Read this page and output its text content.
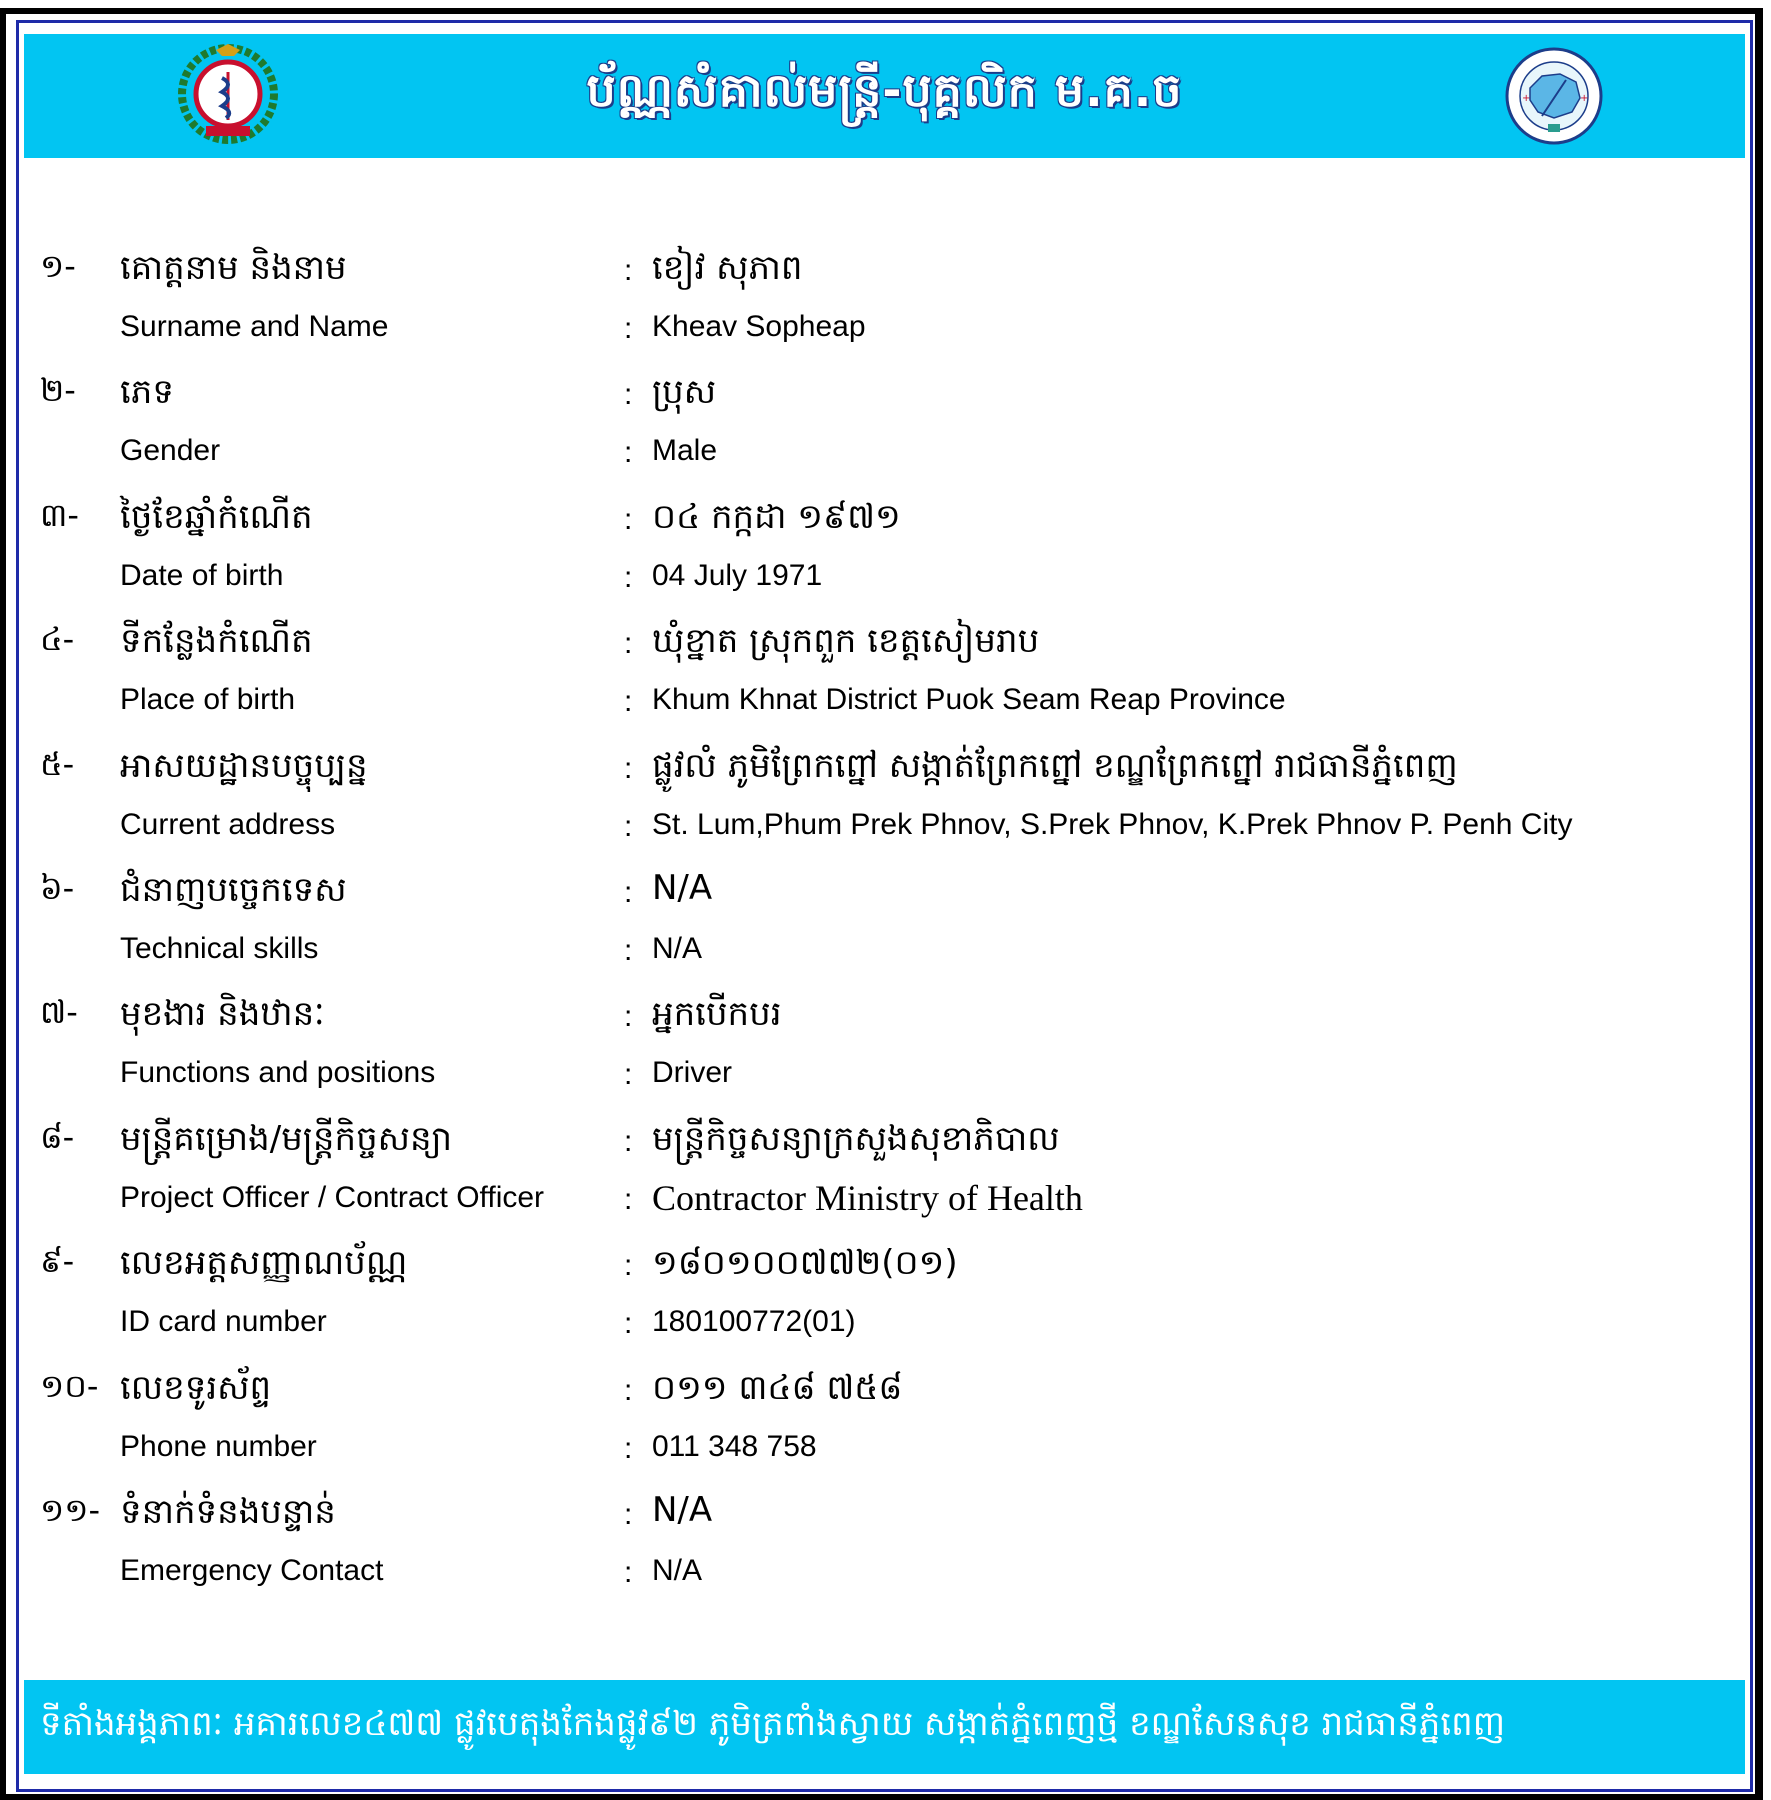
ប័ណ្ណសំគាល់មន្ត្រី-បុគ្គលិក ម.គ.ច	+	+
១- គោត្តនាម និងនាម	: ខៀវ សុភាព
Surname and Name	: Kheav Sopheap
២- ភេទ	: ប្រុស
Gender	: Male
៣- ថ្ងៃខែឆ្នាំកំណើត	: ០៤ កក្កដា ១៩៧១
Date of birth	: 04 July 1971
៤- ទីកន្លែងកំណើត	: ឃុំខ្នាត ស្រុកពួក ខេត្តសៀមរាប
Place of birth	: Khum Khnat District Puok Seam Reap Province
៥- អាសយដ្ឋានបច្ចុប្បន្ន	: ផ្លូវលំ ភូមិព្រែកព្នៅ សង្កាត់ព្រែកព្នៅ ខណ្ឌព្រែកព្នៅ រាជធានីភ្នំពេញ
Current address	: St. Lum,Phum Prek Phnov, S.Prek Phnov, K.Prek Phnov P. Penh City
៦- ជំនាញបច្ចេកទេស	: N/A
Technical skills	: N/A
៧- មុខងារ និងឋានៈ	: អ្នកបើកបរ
Functions and positions	: Driver
៨- មន្ត្រីគម្រោង/មន្ត្រីកិច្ចសន្យា	: មន្ត្រីកិច្ចសន្យាក្រសួងសុខាភិបាល
Project Officer / Contract Officer	: Contractor Ministry of Health
៩- លេខអត្តសញ្ញាណប័ណ្ណ	: ១៨០១០០៧៧២(០១)
ID card number	: 180100772(01)
១០- លេខទូរស័ព្ទ	: ០១១ ៣៤៨ ៧៥៨
Phone number	: 011 348 758
១១- ទំនាក់ទំនងបន្ទាន់	: N/A
Emergency Contact	: N/A
ទីតាំងអង្គភាពៈ អគារលេខ៤៧៧ ផ្លូវបេតុងកែងផ្លូវ៩២ ភូមិត្រពាំងស្វាយ សង្កាត់ភ្នំពេញថ្មី ខណ្ឌសែនសុខ រាជធានីភ្នំពេញ
